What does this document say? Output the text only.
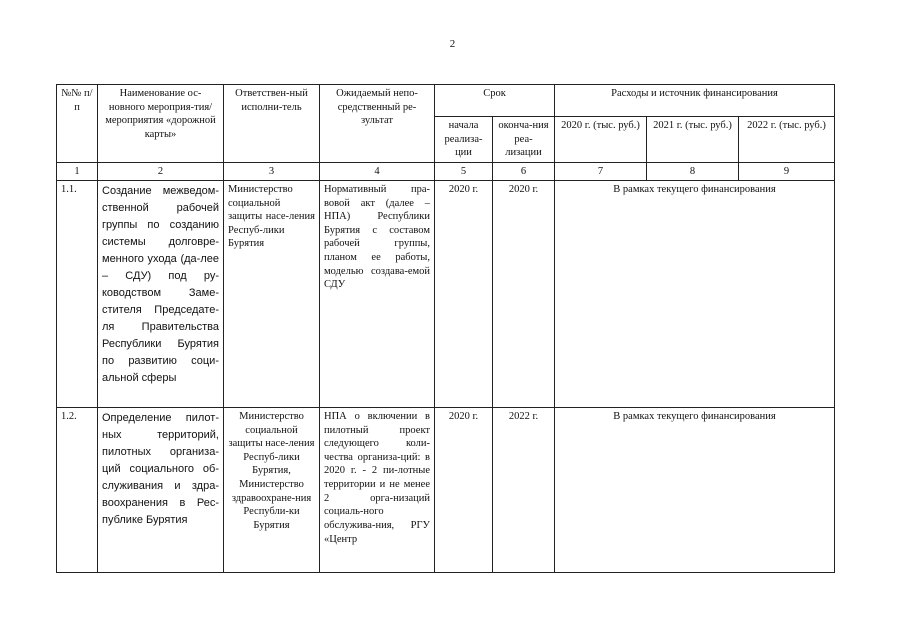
2
№№ п/п	Наименование ос-новного мероприя-тия/мероприятия «дорожной карты»	Ответствен-ный исполни-тель	Ожидаемый непо-средственный ре-зультат	Срок		Расходы и источник финансирования		
				начала реализа-ции	оконча-ния реа-лизации	2020 г. (тыс. руб.)	2021 г. (тыс. руб.)	2022 г. (тыс. руб.)
1	2	3	4	5	6	7	8	9
1.1.	Создание межведом-ственной рабочей группы по созданию системы долговре-менного ухода (да-лее – СДУ) под ру-ководством Заме-стителя Председате-ля Правительства Республики Бурятия по развитию соци-альной сферы	Министерство социальной защиты насе-ления Респуб-лики Бурятия	Нормативный пра-вовой акт (далее – НПА) Республики Бурятия с составом рабочей группы, планом ее работы, моделью создава-емой СДУ	2020 г.	2020 г.	В рамках текущего финансирования		
1.2.	Определение пилот-ных территорий, пилотных организа-ций социального об-служивания и здра-воохранения в Рес-публике Бурятия	Министерство социальной защиты насе-ления Респуб-лики Бурятия, Министерство здравоохране-ния Республи-ки Бурятия	НПА о включении в пилотный проект следующего коли-чества организа-ций: в 2020 г. - 2 пи-лотные территории и не менее 2 орга-низаций социаль-ного обслужива-ния, РГУ «Центр	2020 г.	2022 г.	В рамках текущего финансирования		
